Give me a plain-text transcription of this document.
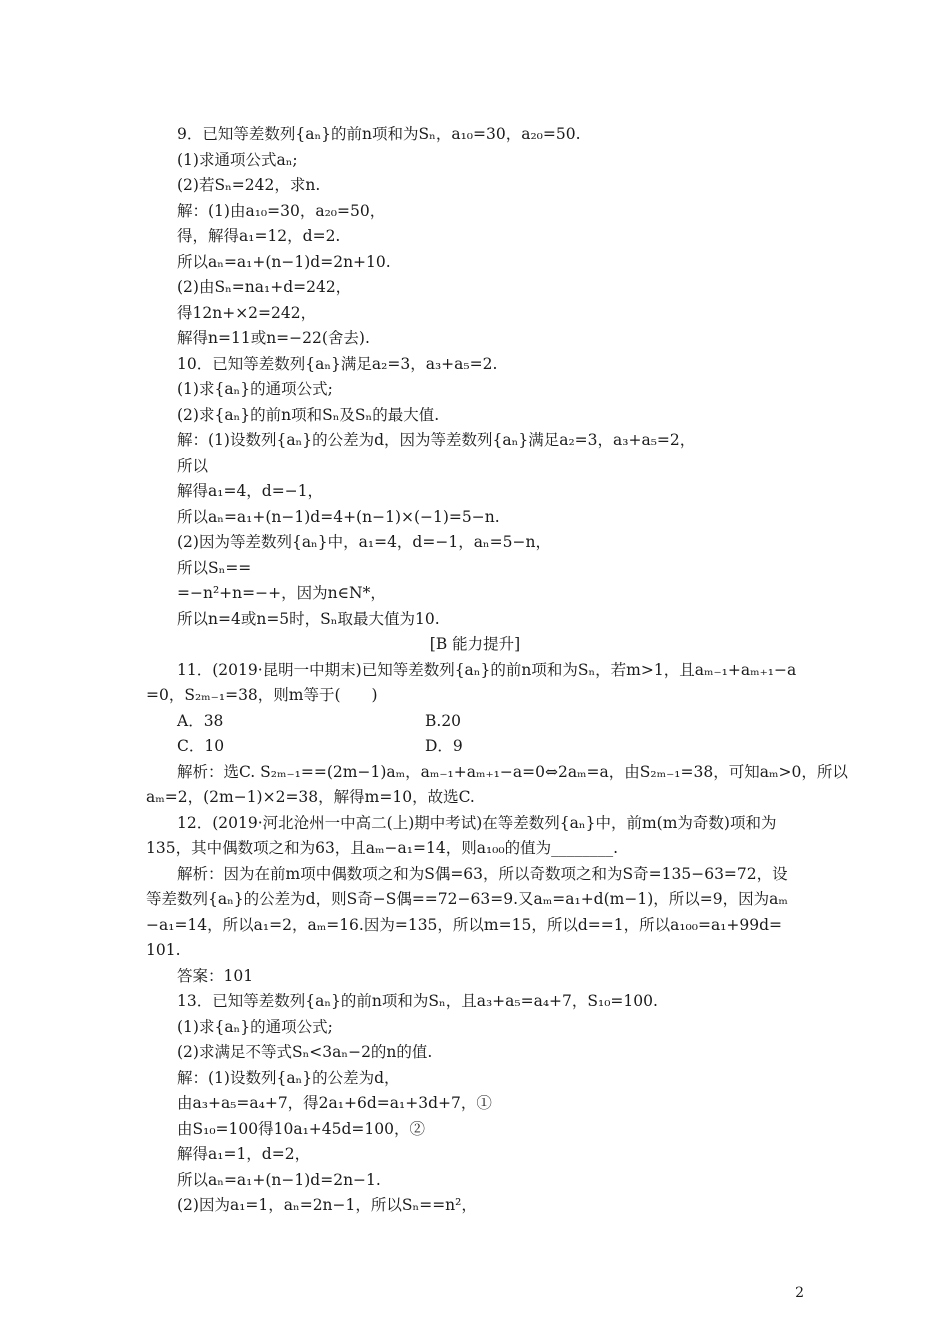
9．已知等差数列{aₙ}的前n项和为Sₙ，a₁₀=30，a₂₀=50.
(1)求通项公式aₙ;
(2)若Sₙ=242，求n.
解：(1)由a₁₀=30，a₂₀=50，
得，解得a₁=12，d=2.
所以aₙ=a₁+(n−1)d=2n+10.
(2)由Sₙ=na₁+d=242，
得12n+×2=242，
解得n=11或n=−22(舍去).
10．已知等差数列{aₙ}满足a₂=3，a₃+a₅=2.
(1)求{aₙ}的通项公式;
(2)求{aₙ}的前n项和Sₙ及Sₙ的最大值.
解：(1)设数列{aₙ}的公差为d，因为等差数列{aₙ}满足a₂=3，a₃+a₅=2，
所以
解得a₁=4，d=−1，
所以aₙ=a₁+(n−1)d=4+(n−1)×(−1)=5−n.
(2)因为等差数列{aₙ}中，a₁=4，d=−1，aₙ=5−n，
所以Sₙ==
=−n²+n=−+，因为n∈N*，
所以n=4或n=5时，Sₙ取最大值为10.
[B 能力提升]
11．(2019·昆明一中期末)已知等差数列{aₙ}的前n项和为Sₙ，若m>1，且aₘ₋₁+aₘ₊₁−a
=0，S₂ₘ₋₁=38，则m等于(　　)
A．38	B.20
C．10	D．9
解析：选C. S₂ₘ₋₁==(2m−1)aₘ，aₘ₋₁+aₘ₊₁−a=0⇔2aₘ=a，由S₂ₘ₋₁=38，可知aₘ>0，所以
aₘ=2，(2m−1)×2=38，解得m=10，故选C.
12．(2019·河北沧州一中高二(上)期中考试)在等差数列{aₙ}中，前m(m为奇数)项和为
135，其中偶数项之和为63，且aₘ−a₁=14，则a₁₀₀的值为________.
解析：因为在前m项中偶数项之和为S偶=63，所以奇数项之和为S奇=135−63=72，设
等差数列{aₙ}的公差为d，则S奇−S偶==72−63=9.又aₘ=a₁+d(m−1)，所以=9，因为aₘ
−a₁=14，所以a₁=2，aₘ=16.因为=135，所以m=15，所以d==1，所以a₁₀₀=a₁+99d=
101.
答案：101
13．已知等差数列{aₙ}的前n项和为Sₙ，且a₃+a₅=a₄+7，S₁₀=100.
(1)求{aₙ}的通项公式;
(2)求满足不等式Sₙ<3aₙ−2的n的值.
解：(1)设数列{aₙ}的公差为d，
由a₃+a₅=a₄+7，得2a₁+6d=a₁+3d+7，①
由S₁₀=100得10a₁+45d=100，②
解得a₁=1，d=2，
所以aₙ=a₁+(n−1)d=2n−1.
(2)因为a₁=1，aₙ=2n−1，所以Sₙ==n²，
2
